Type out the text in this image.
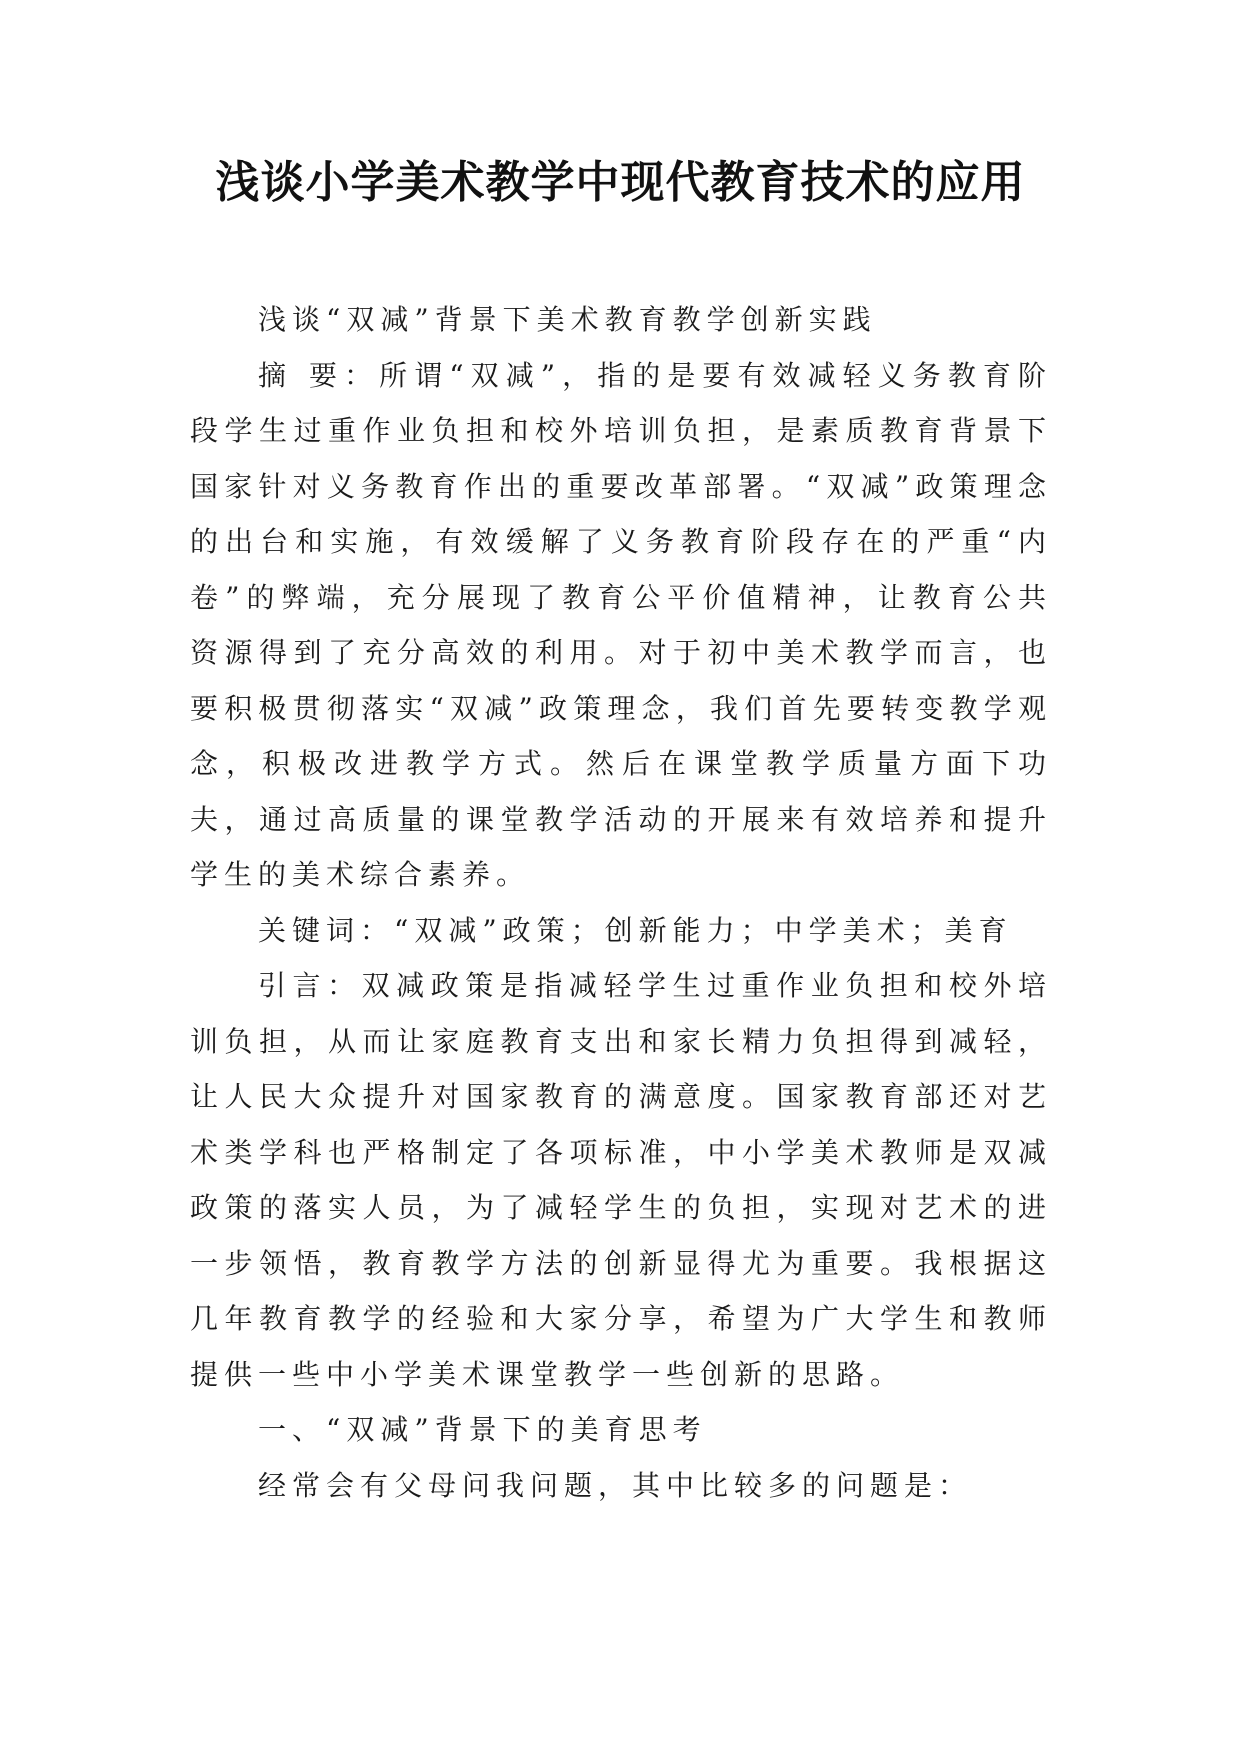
浅谈小学美术教学中现代教育技术的应用

浅谈“双减”背景下美术教育教学创新实践

摘 要：所谓“双减”，指的是要有效减轻义务教育阶段学生过重作业负担和校外培训负担，是素质教育背景下国家针对义务教育作出的重要改革部署。“双减”政策理念的出台和实施，有效缓解了义务教育阶段存在的严重“内卷”的弊端，充分展现了教育公平价值精神，让教育公共资源得到了充分高效的利用。对于初中美术教学而言，也要积极贯彻落实“双减”政策理念，我们首先要转变教学观念，积极改进教学方式。然后在课堂教学质量方面下功夫，通过高质量的课堂教学活动的开展来有效培养和提升学生的美术综合素养。

关键词：“双减”政策；创新能力；中学美术；美育

引言：双减政策是指减轻学生过重作业负担和校外培训负担，从而让家庭教育支出和家长精力负担得到减轻，让人民大众提升对国家教育的满意度。国家教育部还对艺术类学科也严格制定了各项标准，中小学美术教师是双减政策的落实人员，为了减轻学生的负担，实现对艺术的进一步领悟，教育教学方法的创新显得尤为重要。我根据这几年教育教学的经验和大家分享，希望为广大学生和教师提供一些中小学美术课堂教学一些创新的思路。

一、“双减”背景下的美育思考

经常会有父母问我问题，其中比较多的问题是：
